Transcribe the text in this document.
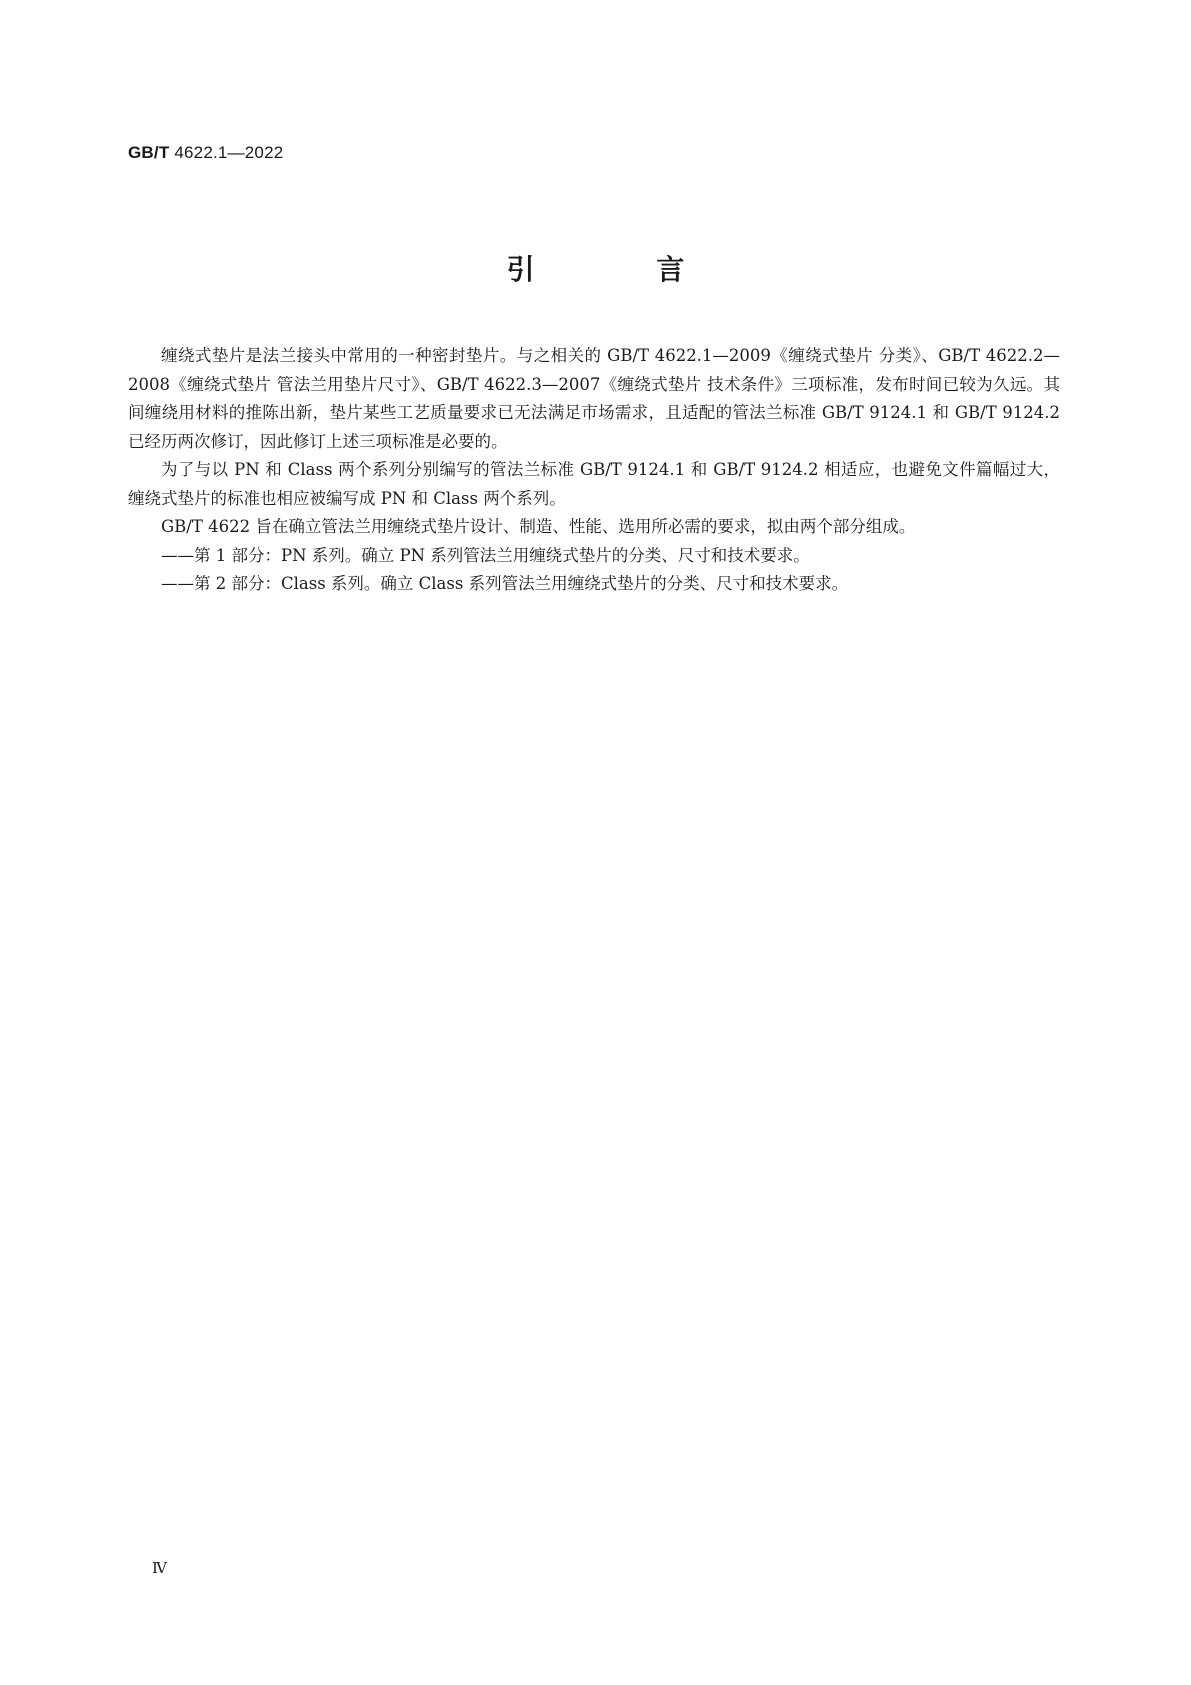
GB/T 4622.1—2022
引 言

缠绕式垫片是法兰接头中常用的一种密封垫片。与之相关的 GB/T 4622.1—2009《缠绕式垫片 分类》、GB/T 4622.2—2008《缠绕式垫片 管法兰用垫片尺寸》、GB/T 4622.3—2007《缠绕式垫片 技术条件》三项标准，发布时间已较为久远。其间缠绕用材料的推陈出新，垫片某些工艺质量要求已无法满足市场需求，且适配的管法兰标准 GB/T 9124.1 和 GB/T 9124.2 已经历两次修订，因此修订上述三项标准是必要的。

为了与以 PN 和 Class 两个系列分别编写的管法兰标准 GB/T 9124.1 和 GB/T 9124.2 相适应，也避免文件篇幅过大，缠绕式垫片的标准也相应被编写成 PN 和 Class 两个系列。

GB/T 4622 旨在确立管法兰用缠绕式垫片设计、制造、性能、选用所必需的要求，拟由两个部分组成。

——第 1 部分：PN 系列。确立 PN 系列管法兰用缠绕式垫片的分类、尺寸和技术要求。

——第 2 部分：Class 系列。确立 Class 系列管法兰用缠绕式垫片的分类、尺寸和技术要求。

Ⅳ
